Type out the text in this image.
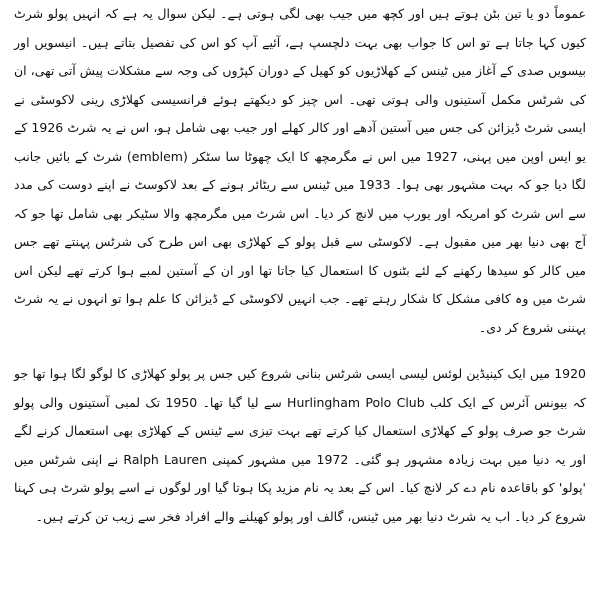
عموماً دو یا تین بٹن ہوتے ہیں اور کچھ میں جیب بھی لگی ہوتی ہے۔ لیکن سوال یہ ہے کہ انہیں پولو شرٹ کیوں کہا جاتا ہے تو اس کا جواب بھی بہت دلچسپ ہے، آئیے آپ کو اس کی تفصیل بتاتے ہیں۔ انیسویں اور بیسویں صدی کے آغاز میں ٹینس کے کھلاڑیوں کو کھیل کے دوران کپڑوں کی وجہ سے مشکلات پیش آتی تھی، ان کی شرٹس مکمل آستینوں والی ہوتی تھی۔ اس چیز کو دیکھتے ہوئے فرانسیسی کھلاڑی رینی لاکوسٹی نے ایسی شرٹ ڈیزائن کی جس میں آستین آدھے اور کالر کھلے اور جیب بھی شامل ہو، اس نے یہ شرٹ 1926 کے یو ایس اوپن میں پہنی، 1927 میں اس نے مگرمچھ کا ایک چھوٹا سا سٹکر (emblem) شرٹ کے بائیں جانب لگا دیا جو کہ بہت مشہور بھی ہوا۔ 1933 میں ٹینس سے ریٹائر ہونے کے بعد لاکوسٹ نے اپنے دوست کی مدد سے اس شرٹ کو امریکہ اور یورپ میں لانچ کر دیا۔ اس شرٹ میں مگرمچھ والا سٹیکر بھی شامل تھا جو کہ آج بھی دنیا بھر میں مقبول ہے۔ لاکوسٹی سے قبل پولو کے کھلاڑی بھی اس طرح کی شرٹس پہنتے تھے جس میں کالر کو سیدھا رکھنے کے لئے بٹنوں کا استعمال کیا جاتا تھا اور ان کے آستین لمبے ہوا کرتے تھے لیکن اس شرٹ میں وہ کافی مشکل کا شکار رہتے تھے۔ جب انہیں لاکوسٹی کے ڈیزائن کا علم ہوا تو انہوں نے یہ شرٹ پہننی شروع کر دی۔

1920 میں ایک کینیڈین لوئس لیسی ایسی شرٹس بنانی شروع کیں جس پر پولو کھلاڑی کا لوگو لگا ہوا تھا جو کہ بیونس آئرس کے ایک کلب Hurlingham Polo Club سے لیا گیا تھا۔ 1950 تک لمبی آستینوں والی پولو شرٹ جو صرف پولو کے کھلاڑی استعمال کیا کرتے تھے بہت تیزی سے ٹینس کے کھلاڑی بھی استعمال کرنے لگے اور یہ دنیا میں بہت زیادہ مشہور ہو گئی۔ 1972 میں مشہور کمپنی Ralph Lauren نے اپنی شرٹس میں 'پولو' کو باقاعدہ نام دے کر لانچ کیا۔ اس کے بعد یہ نام مزید پکا ہوتا گیا اور لوگوں نے اسے پولو شرٹ ہی کہنا شروع کر دیا۔ اب یہ شرٹ دنیا بھر میں ٹینس، گالف اور پولو کھیلنے والے افراد فخر سے زیب تن کرتے ہیں۔
